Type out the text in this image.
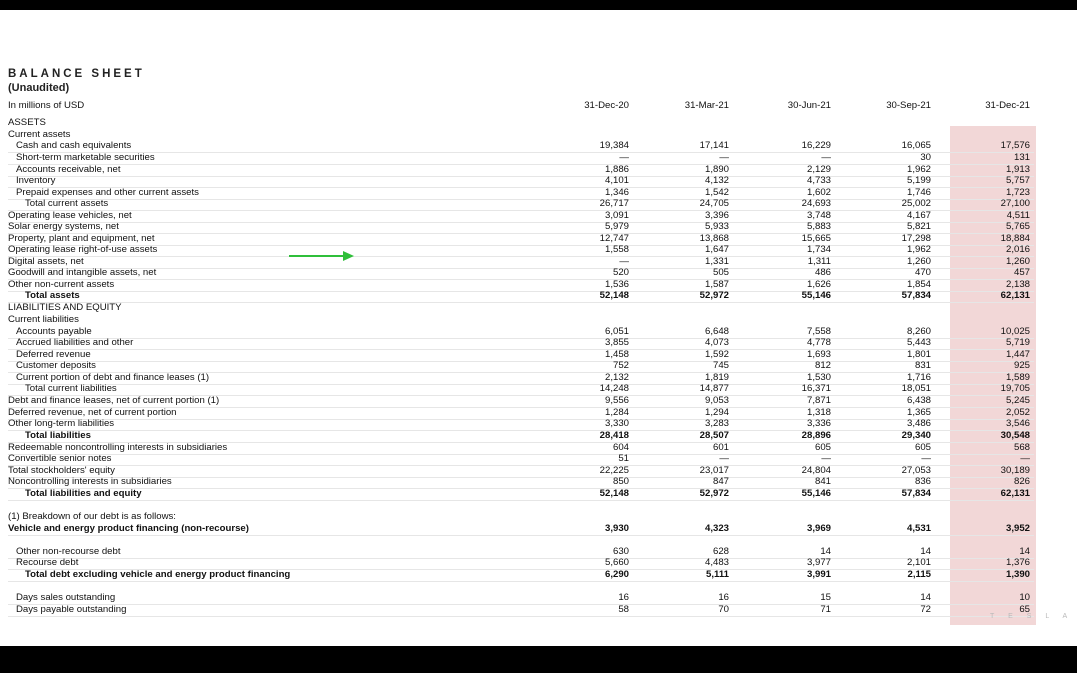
BALANCE SHEET
(Unaudited)
In millions of USD	31-Dec-20	31-Mar-21	30-Jun-21	30-Sep-21	31-Dec-21
ASSETS
Current assets
Cash and cash equivalents	19,384	17,141	16,229	16,065	17,576
Short-term marketable securities	—	—	—	30	131
Accounts receivable, net	1,886	1,890	2,129	1,962	1,913
Inventory	4,101	4,132	4,733	5,199	5,757
Prepaid expenses and other current assets	1,346	1,542	1,602	1,746	1,723
Total current assets	26,717	24,705	24,693	25,002	27,100
Operating lease vehicles, net	3,091	3,396	3,748	4,167	4,511
Solar energy systems, net	5,979	5,933	5,883	5,821	5,765
Property, plant and equipment, net	12,747	13,868	15,665	17,298	18,884
Operating lease right-of-use assets	1,558	1,647	1,734	1,962	2,016
Digital assets, net	—	1,331	1,311	1,260	1,260
Goodwill and intangible assets, net	520	505	486	470	457
Other non-current assets	1,536	1,587	1,626	1,854	2,138
Total assets	52,148	52,972	55,146	57,834	62,131
LIABILITIES AND EQUITY
Current liabilities
Accounts payable	6,051	6,648	7,558	8,260	10,025
Accrued liabilities and other	3,855	4,073	4,778	5,443	5,719
Deferred revenue	1,458	1,592	1,693	1,801	1,447
Customer deposits	752	745	812	831	925
Current portion of debt and finance leases (1)	2,132	1,819	1,530	1,716	1,589
Total current liabilities	14,248	14,877	16,371	18,051	19,705
Debt and finance leases, net of current portion (1)	9,556	9,053	7,871	6,438	5,245
Deferred revenue, net of current portion	1,284	1,294	1,318	1,365	2,052
Other long-term liabilities	3,330	3,283	3,336	3,486	3,546
Total liabilities	28,418	28,507	28,896	29,340	30,548
Redeemable noncontrolling interests in subsidiaries	604	601	605	605	568
Convertible senior notes	51	—	—	—	—
Total stockholders' equity	22,225	23,017	24,804	27,053	30,189
Noncontrolling interests in subsidiaries	850	847	841	836	826
Total liabilities and equity	52,148	52,972	55,146	57,834	62,131
(1) Breakdown of our debt is as follows:
Vehicle and energy product financing (non-recourse)	3,930	4,323	3,969	4,531	3,952
Other non-recourse debt	630	628	14	14	14
Recourse debt	5,660	4,483	3,977	2,101	1,376
Total debt excluding vehicle and energy product financing	6,290	5,111	3,991	2,115	1,390
Days sales outstanding	16	16	15	14	10
Days payable outstanding	58	70	71	72	65
T E S L A
